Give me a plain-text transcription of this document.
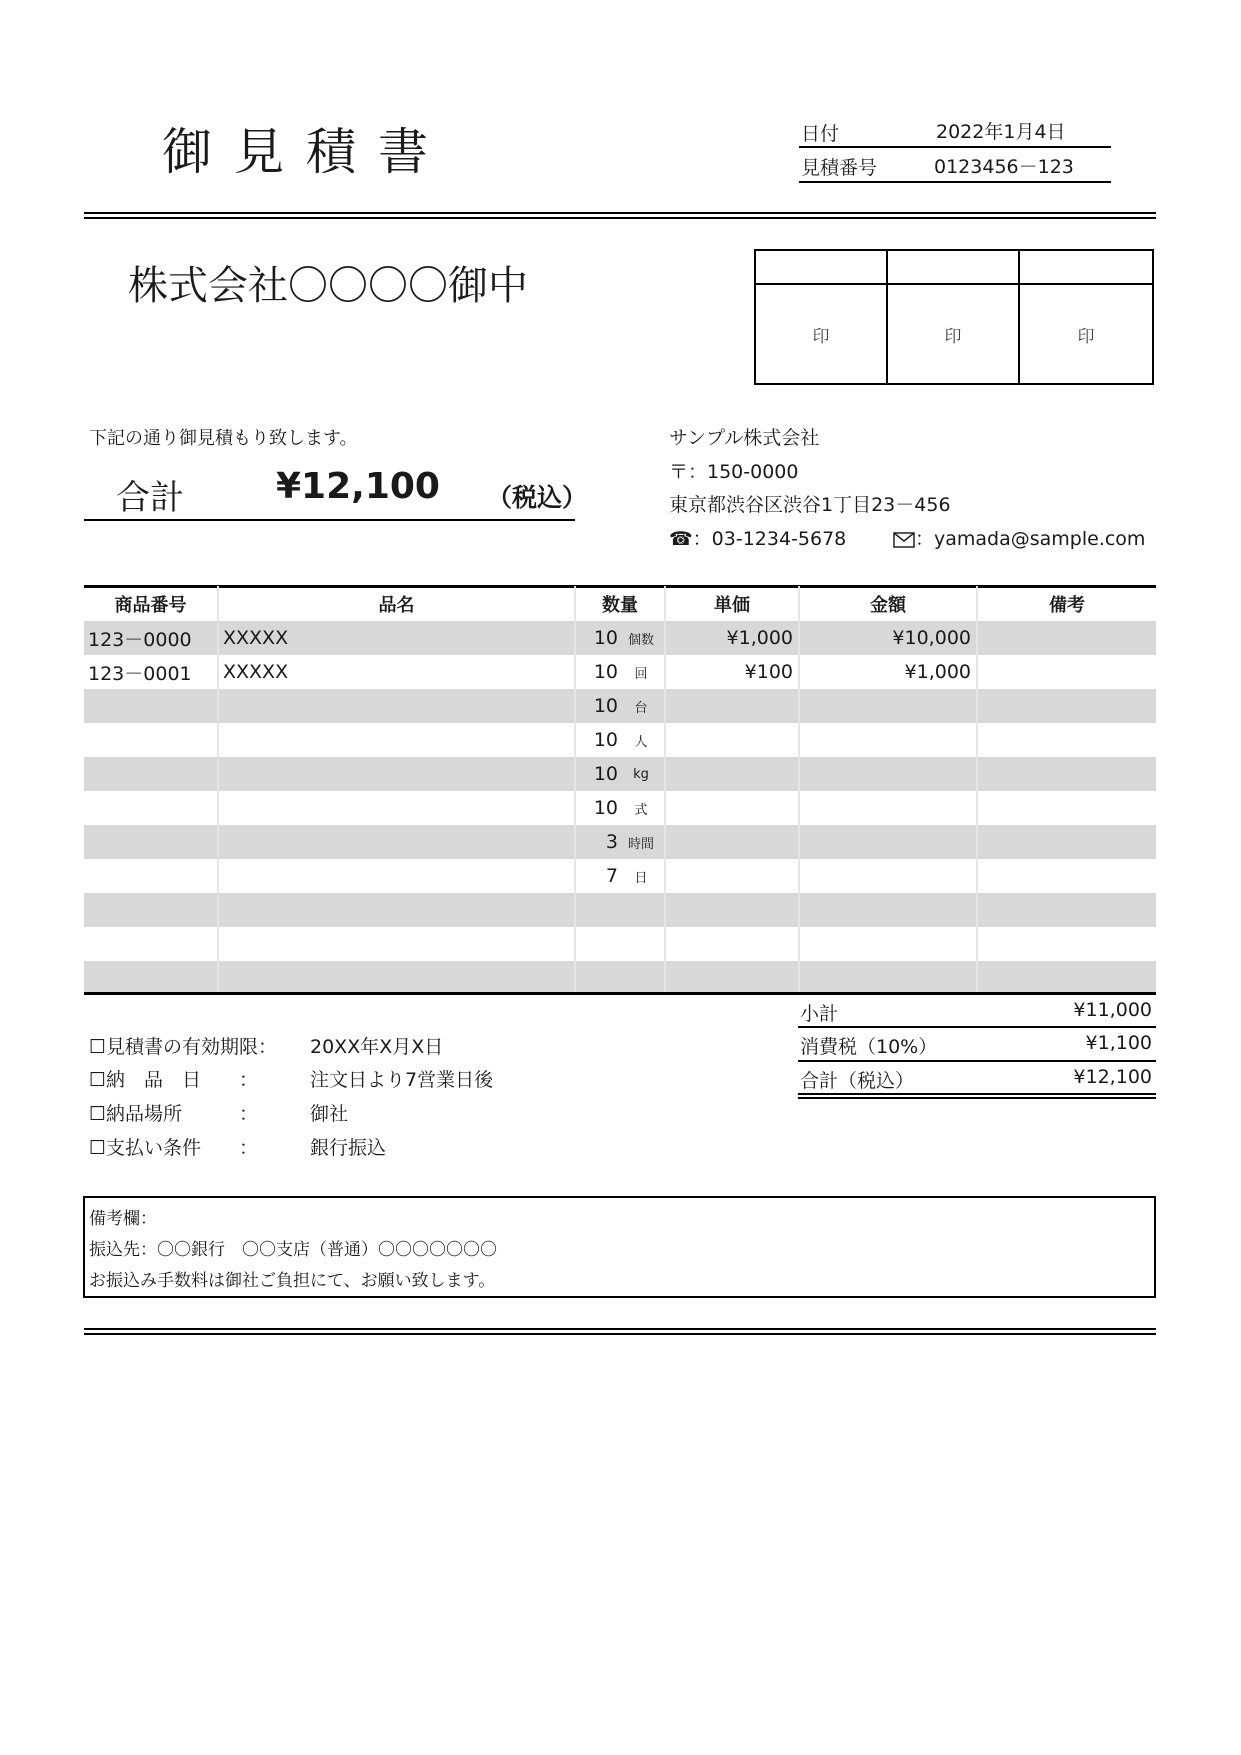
御見積書	日付	2022年1月4日
見積番号	0123456－123
株式会社〇〇〇〇御中
印	印	印
下記の通り御見積もり致します。
合計	¥12,100 （税込）
サンプル株式会社
〒：150-0000
東京都渋谷区渋谷1丁目23－456
☎：03-1234-5678	：yamada@sample.com
商品番号	品名	数量	単価	金額	備考
123－0000	XXXXX	10 個数	¥1,000	¥10,000	
123－0001	XXXXX	10 回	¥100	¥1,000	

		10 台			

		10 人			

		10 kg			

		10 式			

		3 時間			

		7 日			

小計	¥11,000
消費税（10%）	¥1,100
合計（税込）	¥12,100
☐見積書の有効期限： 20XX年X月X日
☐納　品　日　　：	注文日より7営業日後
☐納品場所　　　：	御社
☐支払い条件　　：	銀行振込
備考欄：
振込先：〇〇銀行　〇〇支店（普通）〇〇〇〇〇〇〇
お振込み手数料は御社ご負担にて、お願い致します。
